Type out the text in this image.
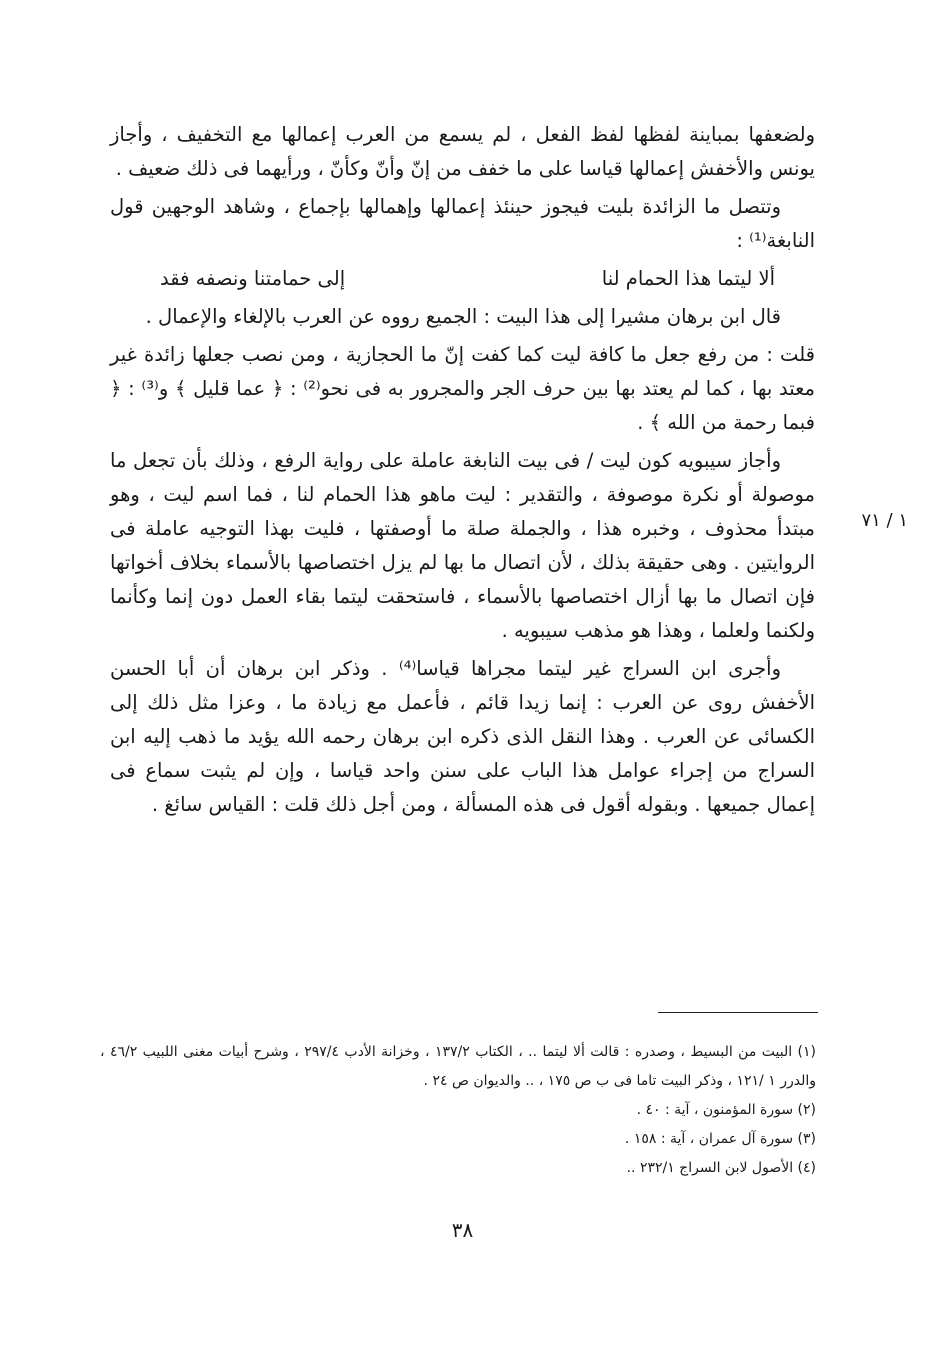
١ / ٧١

ولضعفها بمباينة لفظها لفظ الفعل ، لم يسمع من العرب إعمالها مع التخفيف ، وأجاز يونس والأخفش إعمالها قياسا على ما خفف من إنّ وأنّ وكأنّ ، ورأيهما فى ذلك ضعيف .

وتتصل ما الزائدة بليت فيجوز حينئذ إعمالها وإهمالها بإجماع ، وشاهد الوجهين قول النابغة⁽¹⁾ :

ألا ليتما هذا الحمام لنا
إلى حمامتنا ونصفه فقد

قال ابن برهان مشيرا إلى هذا البيت : الجميع رووه عن العرب بالإلغاء والإعمال .

قلت : من رفع جعل ما كافة ليت كما كفت إنّ ما الحجازية ، ومن نصب جعلها زائدة غير معتد بها ، كما لم يعتد بها بين حرف الجر والمجرور به فى نحو⁽²⁾ : ﴿ عما قليل ﴾ و⁽³⁾ : ﴿ فبما رحمة من الله ﴾ .

وأجاز سيبويه كون ليت / فى بيت النابغة عاملة على رواية الرفع ، وذلك بأن تجعل ما موصولة أو نكرة موصوفة ، والتقدير : ليت ماهو هذا الحمام لنا ، فما اسم ليت ، وهو مبتدأ محذوف ، وخبره هذا ، والجملة صلة ما أوصفتها ، فليت بهذا التوجيه عاملة فى الروايتين . وهى حقيقة بذلك ، لأن اتصال ما بها لم يزل اختصاصها بالأسماء بخلاف أخواتها فإن اتصال ما بها أزال اختصاصها بالأسماء ، فاستحقت ليتما بقاء العمل دون إنما وكأنما ولكنما ولعلما ، وهذا هو مذهب سيبويه .

وأجرى ابن السراج غير ليتما مجراها قياسا⁽⁴⁾ . وذكر ابن برهان أن أبا الحسن الأخفش روى عن العرب : إنما زيدا قائم ، فأعمل مع زيادة ما ، وعزا مثل ذلك إلى الكسائى عن العرب . وهذا النقل الذى ذكره ابن برهان رحمه الله يؤيد ما ذهب إليه ابن السراج من إجراء عوامل هذا الباب على سنن واحد قياسا ، وإن لم يثبت سماع فى إعمال جميعها . وبقوله أقول فى هذه المسألة ، ومن أجل ذلك قلت : القياس سائغ .

(١) البيت من البسيط ، وصدره : قالت ألا ليتما .. ، الكتاب ١٣٧/٢ ، وخزانة الأدب ٢٩٧/٤ ، وشرح أبيات مغنى اللبيب ٤٦/٢ ، والدرر ١ /١٢١ ، وذكر البيت تاما فى ب ص ١٧٥ ، .. والديوان ص ٢٤ .

(٢) سورة المؤمنون ، آية : ٤٠ .

(٣) سورة آل عمران ، آية : ١٥٨ .

(٤) الأصول لابن السراج ٢٣٢/١ ..

٣٨
